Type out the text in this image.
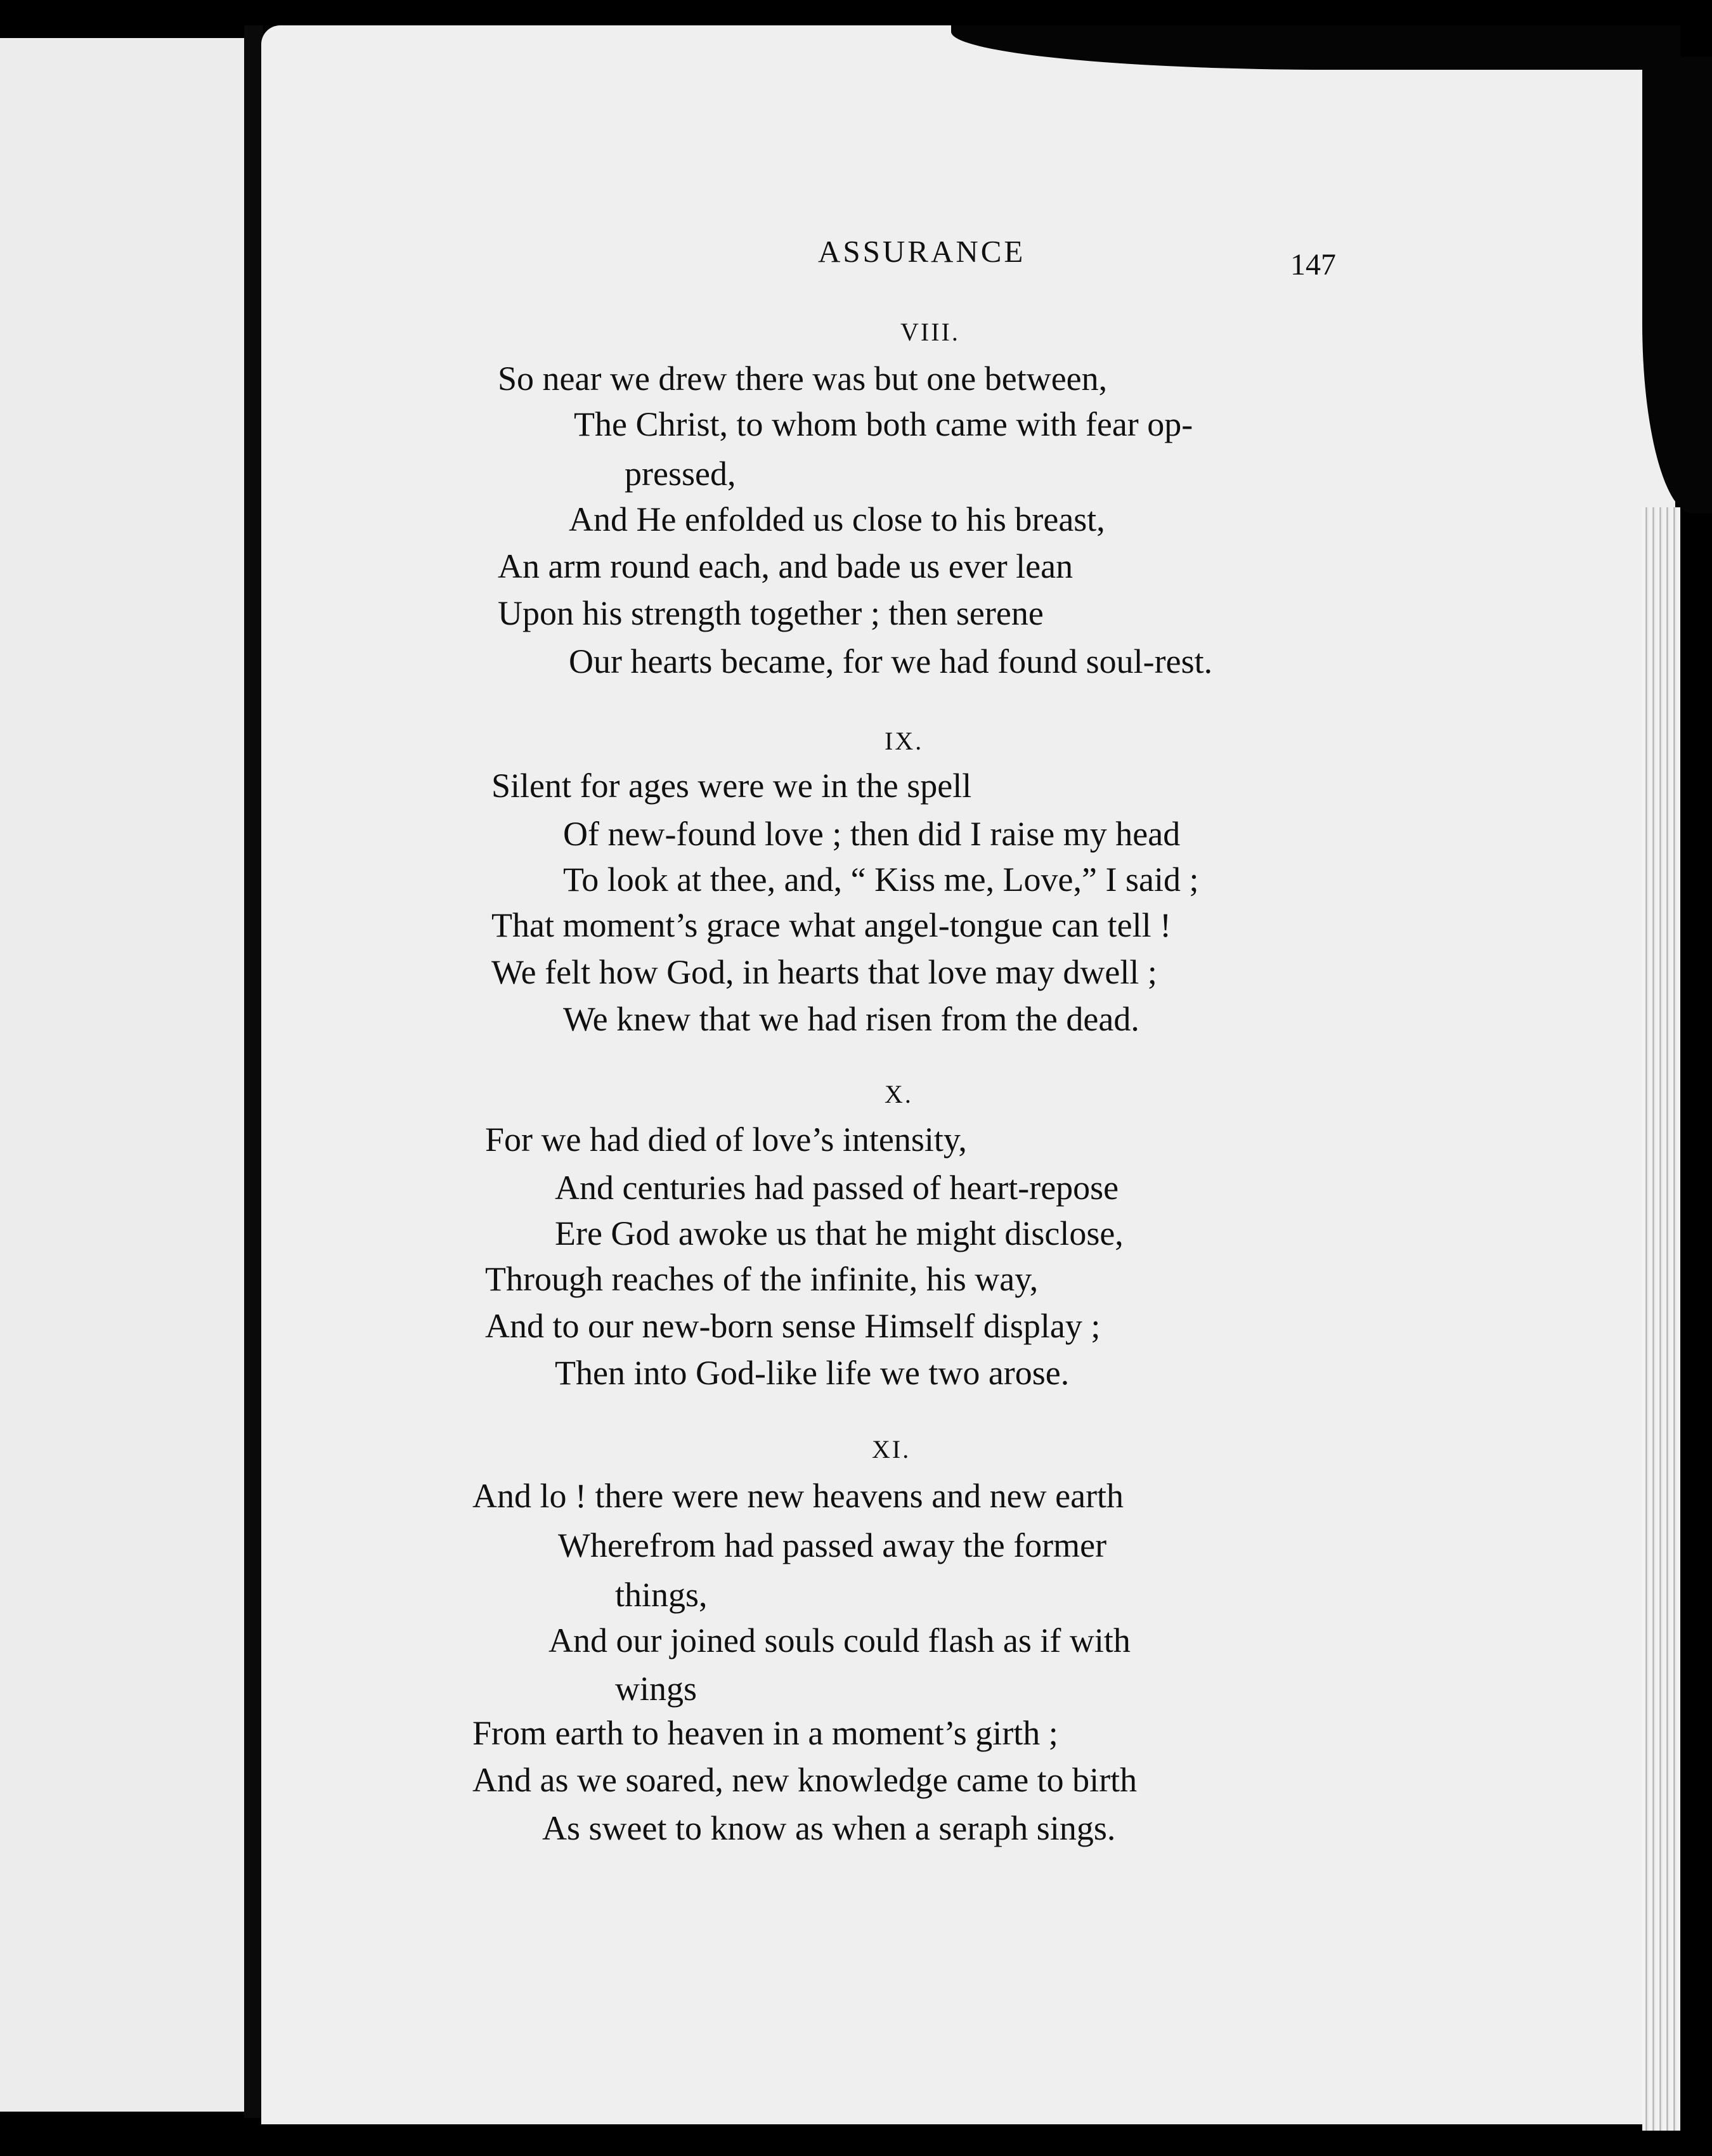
ASSURANCE	147
VIII.
So near we drew there was but one between,
The Christ, to whom both came with fear op-
pressed,
And He enfolded us close to his breast,
An arm round each, and bade us ever lean
Upon his strength together ; then serene
Our hearts became, for we had found soul-rest.
IX.
Silent for ages were we in the spell
Of new-found love ; then did I raise my head
To look at thee, and, “ Kiss me, Love,” I said ;
That moment’s grace what angel-tongue can tell !
We felt how God, in hearts that love may dwell ;
We knew that we had risen from the dead.
X.
For we had died of love’s intensity,
And centuries had passed of heart-repose
Ere God awoke us that he might disclose,
Through reaches of the infinite, his way,
And to our new-born sense Himself display ;
Then into God-like life we two arose.
XI.
And lo ! there were new heavens and new earth
Wherefrom had passed away the former
things,
And our joined souls could flash as if with
wings
From earth to heaven in a moment’s girth ;
And as we soared, new knowledge came to birth
As sweet to know as when a seraph sings.
